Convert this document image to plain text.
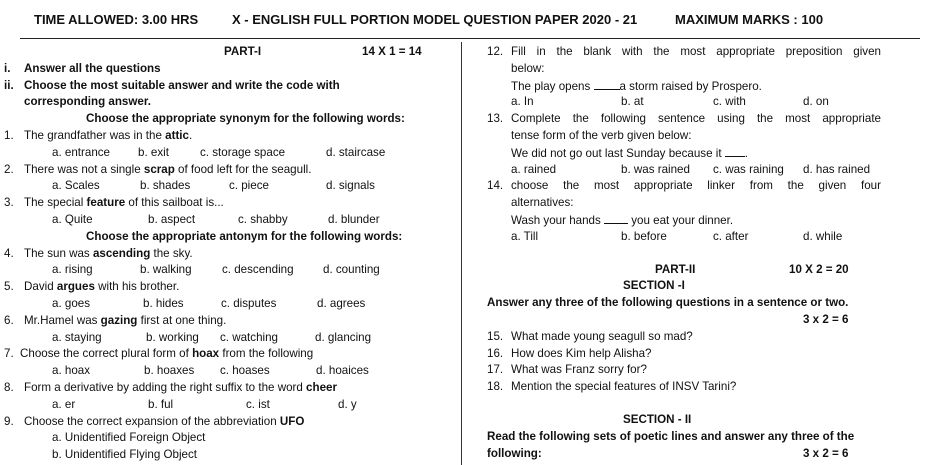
TIME ALLOWED: 3.00 HRS	X - ENGLISH FULL PORTION MODEL QUESTION PAPER 2020 - 21	MAXIMUM MARKS : 100
PART-I	14 X 1 = 14
i. Answer all the questions
ii. Choose the most suitable answer and write the code with
corresponding answer.
Choose the appropriate synonym for the following words:
1. The grandfather was in the attic.
a. entrance b. exit	c. storage space	d. staircase
2. There was not a single scrap of food left for the seagull.
a. Scales	b. shades	c. piece	d. signals
3. The special feature of this sailboat is...
a. Quite	b. aspect	c. shabby	d. blunder
Choose the appropriate antonym for the following words:
4. The sun was ascending the sky.
a. rising	b. walking	c. descending	d. counting
5. David argues with his brother.
a. goes	b. hides	c. disputes	d. agrees
6. Mr.Hamel was gazing first at one thing.
a. staying	b. working c. watching	d. glancing
7. Choose the correct plural form of hoax from the following
a. hoax	b. hoaxes c. hoases	d. hoaices
8. Form a derivative by adding the right suffix to the word cheer
a. er	b. ful	c. ist	d. y
9. Choose the correct expansion of the abbreviation UFO
a. Unidentified Foreign Object
b. Unidentified Flying Object
12. Fill in the blank with the most appropriate preposition given
below:
The play opens a storm raised by Prospero.
a. In	b. at	c. with	d. on
13. Complete the following sentence using the most appropriate
tense form of the verb given below:
We did not go out last Sunday because it .
a. rained	b. was rained c. was raining d. has rained
14. choose the most appropriate linker from the given four
alternatives:
Wash your hands  you eat your dinner.
a. Till	b. before	c. after	d. while
PART-II	10 X 2 = 20
SECTION -I
Answer any three of the following questions in a sentence or two.
3 x 2 = 6
15. What made young seagull so mad?
16. How does Kim help Alisha?
17. What was Franz sorry for?
18. Mention the special features of INSV Tarini?
SECTION - II
Read the following sets of poetic lines and answer any three of the
following:	3 x 2 = 6
